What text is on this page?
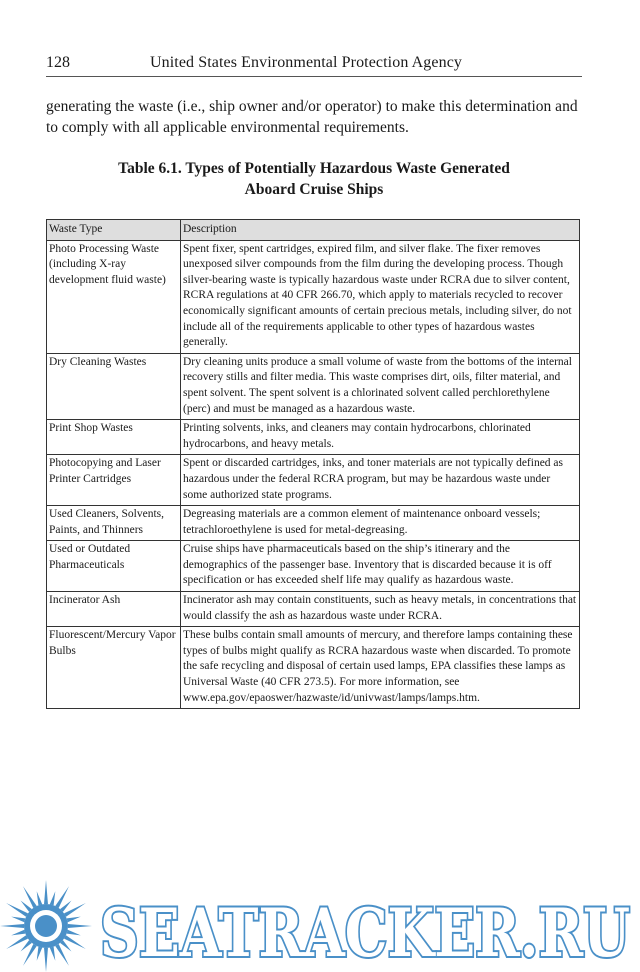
128	United States Environmental Protection Agency

generating the waste (i.e., ship owner and/or operator) to make this determination and to comply with all applicable environmental requirements.

Table 6.1. Types of Potentially Hazardous Waste Generated
Aboard Cruise Ships
Waste Type	Description
Photo Processing Waste (including X-ray development fluid waste)	Spent fixer, spent cartridges, expired film, and silver flake. The fixer removes unexposed silver compounds from the film during the developing process. Though silver-bearing waste is typically hazardous waste under RCRA due to silver content, RCRA regulations at 40 CFR 266.70, which apply to materials recycled to recover economically significant amounts of certain precious metals, including silver, do not include all of the requirements applicable to other types of hazardous wastes generally.
Dry Cleaning Wastes	Dry cleaning units produce a small volume of waste from the bottoms of the internal recovery stills and filter media. This waste comprises dirt, oils, filter material, and spent solvent. The spent solvent is a chlorinated solvent called perchlorethylene (perc) and must be managed as a hazardous waste.
Print Shop Wastes	Printing solvents, inks, and cleaners may contain hydrocarbons, chlorinated hydrocarbons, and heavy metals.
Photocopying and Laser Printer Cartridges	Spent or discarded cartridges, inks, and toner materials are not typically defined as hazardous under the federal RCRA program, but may be hazardous waste under some authorized state programs.
Used Cleaners, Solvents, Paints, and Thinners	Degreasing materials are a common element of maintenance onboard vessels; tetrachloroethylene is used for metal-degreasing.
Used or Outdated Pharmaceuticals	Cruise ships have pharmaceuticals based on the ship’s itinerary and the demographics of the passenger base. Inventory that is discarded because it is off specification or has exceeded shelf life may qualify as hazardous waste.
Incinerator Ash	Incinerator ash may contain constituents, such as heavy metals, in concentrations that would classify the ash as hazardous waste under RCRA.
Fluorescent/Mercury Vapor Bulbs	These bulbs contain small amounts of mercury, and therefore lamps containing these types of bulbs might qualify as RCRA hazardous waste when discarded. To promote the safe recycling and disposal of certain used lamps, EPA classifies these lamps as Universal Waste (40 CFR 273.5). For more information, see www.epa.gov/epaoswer/hazwaste/id/univwast/lamps/lamps.htm.
SEATRACKER.RU
